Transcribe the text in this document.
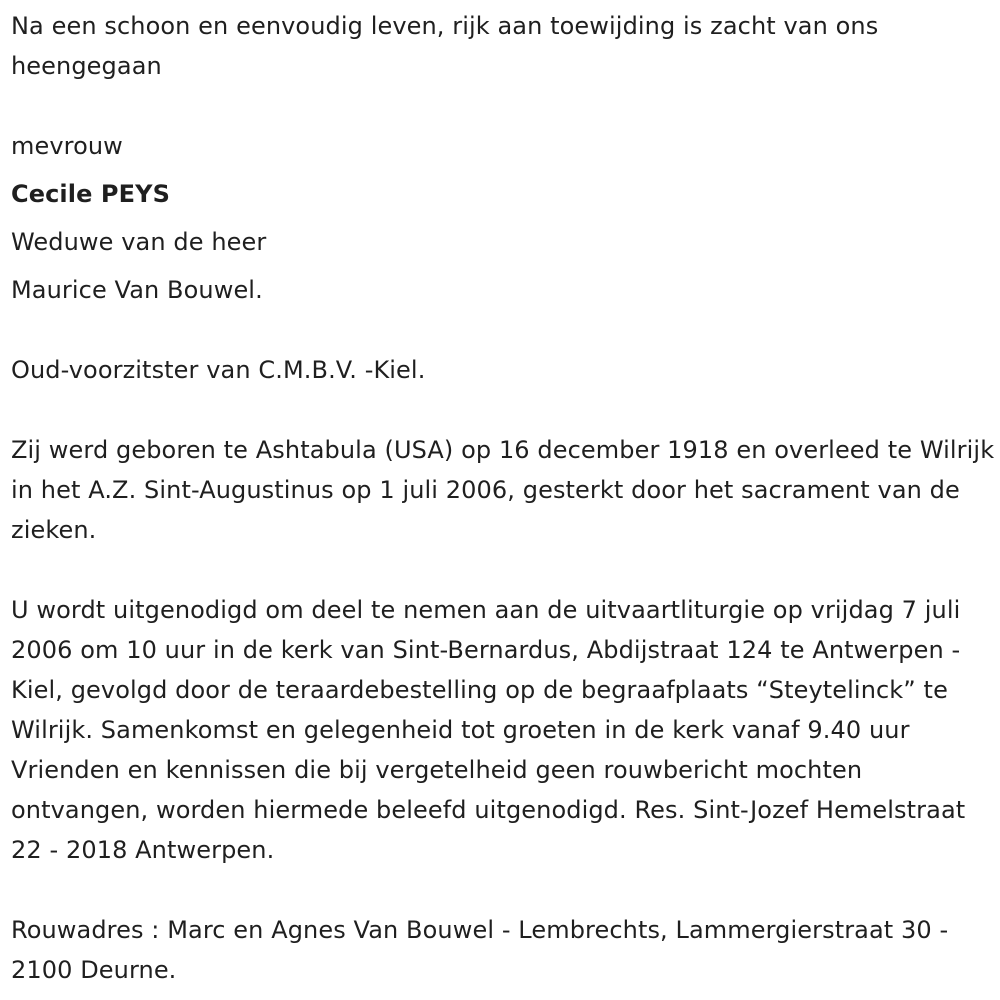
Na een schoon en eenvoudig leven, rijk aan toewijding is zacht van ons heengegaan

mevrouw

Cecile PEYS

Weduwe van de heer

Maurice Van Bouwel.

Oud-voorzitster van C.M.B.V. -Kiel.

Zij werd geboren te Ashtabula (USA) op 16 december 1918 en overleed te Wilrijk in het A.Z. Sint-Augustinus op 1 juli 2006, gesterkt door het sacrament van de zieken.

U wordt uitgenodigd om deel te nemen aan de uitvaartliturgie op vrijdag 7 juli 2006 om 10 uur in de kerk van Sint-Bernardus, Abdijstraat 124 te Antwerpen - Kiel, gevolgd door de teraardebestelling op de begraafplaats “Steytelinck” te Wilrijk. Samenkomst en gelegenheid tot groeten in de kerk vanaf 9.40 uur Vrienden en kennissen die bij vergetelheid geen rouwbericht mochten ontvangen, worden hiermede beleefd uitgenodigd. Res. Sint-Jozef Hemelstraat 22 - 2018 Antwerpen.

Rouwadres : Marc en Agnes Van Bouwel - Lembrechts, Lammergierstraat 30 - 2100 Deurne.
